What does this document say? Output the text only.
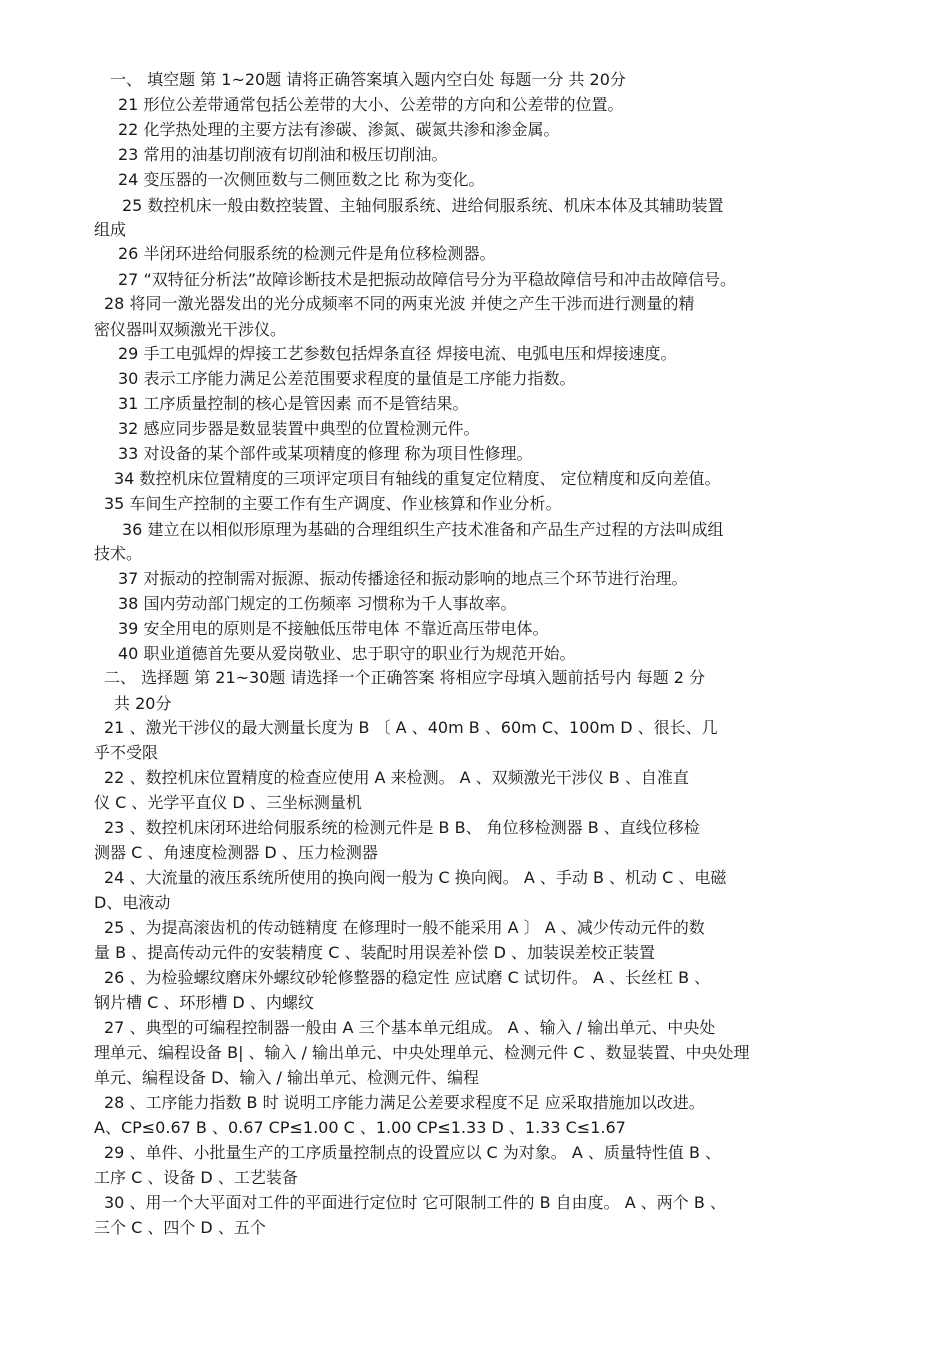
一、 填空题 第 1~20题 请将正确答案填入题内空白处 每题一分 共 20分
21 形位公差带通常包括公差带的大小、公差带的方向和公差带的位置。
22 化学热处理的主要方法有渗碳、渗氮、碳氮共渗和渗金属。
23 常用的油基切削液有切削油和极压切削油。
24 变压器的一次侧匝数与二侧匝数之比 称为变化。
25 数控机床一般由数控装置、主轴伺服系统、进给伺服系统、机床本体及其辅助装置
组成
26 半闭环进给伺服系统的检测元件是角位移检测器。
27 “双特征分析法”故障诊断技术是把振动故障信号分为平稳故障信号和冲击故障信号。
28 将同一激光器发出的光分成频率不同的两束光波 并使之产生干涉而进行测量的精
密仪器叫双频激光干涉仪。
29 手工电弧焊的焊接工艺参数包括焊条直径 焊接电流、电弧电压和焊接速度。
30 表示工序能力满足公差范围要求程度的量值是工序能力指数。
31 工序质量控制的核心是管因素 而不是管结果。
32 感应同步器是数显装置中典型的位置检测元件。
33 对设备的某个部件或某项精度的修理 称为项目性修理。
34 数控机床位置精度的三项评定项目有轴线的重复定位精度、 定位精度和反向差值。
35 车间生产控制的主要工作有生产调度、作业核算和作业分析。
36 建立在以相似形原理为基础的合理组织生产技术准备和产品生产过程的方法叫成组
技术。
37 对振动的控制需对振源、振动传播途径和振动影响的地点三个环节进行治理。
38 国内劳动部门规定的工伤频率 习惯称为千人事故率。
39 安全用电的原则是不接触低压带电体 不靠近高压带电体。
40 职业道德首先要从爱岗敬业、忠于职守的职业行为规范开始。
二、 选择题 第 21~30题 请选择一个正确答案 将相应字母填入题前括号内 每题 2 分
共 20分
21 、激光干涉仪的最大测量长度为 B 〔 A 、40m B 、60m C、100m D 、很长、几
乎不受限
22 、数控机床位置精度的检查应使用 A 来检测。 A 、双频激光干涉仪 B 、自准直
仪 C 、光学平直仪 D 、三坐标测量机
23 、数控机床闭环进给伺服系统的检测元件是 B B、 角位移检测器 B 、直线位移检
测器 C 、角速度检测器 D 、压力检测器
24 、大流量的液压系统所使用的换向阀一般为 C 换向阀。 A 、手动 B 、机动 C 、电磁
D、电液动
25 、为提高滚齿机的传动链精度 在修理时一般不能采用 A 〕 A 、减少传动元件的数
量 B 、提高传动元件的安装精度 C 、装配时用误差补偿 D 、加装误差校正装置
26 、为检验螺纹磨床外螺纹砂轮修整器的稳定性 应试磨 C 试切件。 A 、长丝杠 B 、
钢片槽 C 、环形槽 D 、内螺纹
27 、典型的可编程控制器一般由 A 三个基本单元组成。 A 、输入 / 输出单元、中央处
理单元、编程设备 B| 、输入 / 输出单元、中央处理单元、检测元件 C 、数显装置、中央处理
单元、编程设备 D、输入 / 输出单元、检测元件、编程
28 、工序能力指数 B 时 说明工序能力满足公差要求程度不足 应采取措施加以改进。
A、CP≤0.67 B 、0.67 CP≤1.00 C 、1.00 CP≤1.33 D 、1.33 C≤1.67
29 、单件、小批量生产的工序质量控制点的设置应以 C 为对象。 A 、质量特性值 B 、
工序 C 、设备 D 、工艺装备
30 、用一个大平面对工件的平面进行定位时 它可限制工件的 B 自由度。 A 、两个 B 、
三个 C 、四个 D 、五个
